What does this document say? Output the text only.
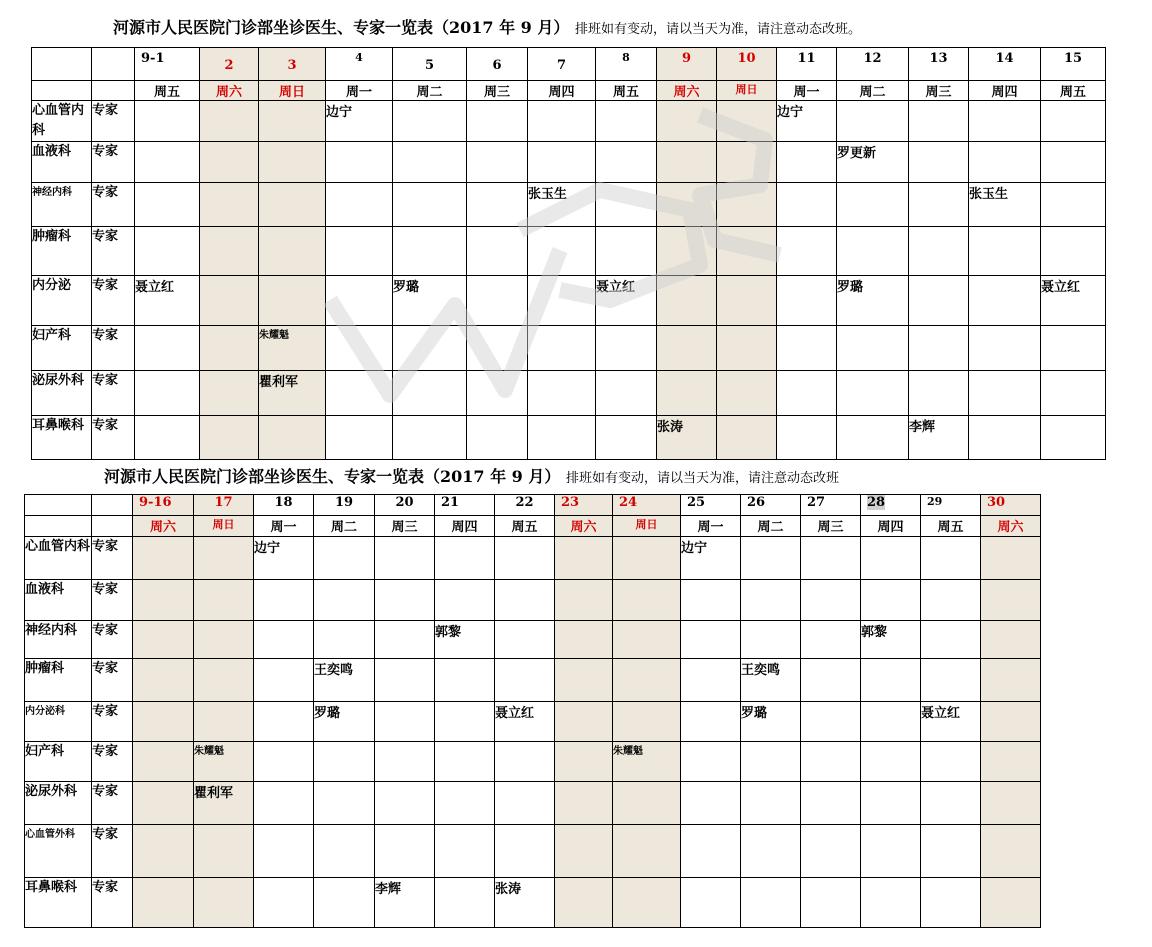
河源市人民医院门诊部坐诊医生、专家一览表（2017 年 9 月） 排班如有变动，请以当天为准，请注意动态改班。
		9-1	2	3	4	5	6	7	8	9	10	11	12	13	14	15
		周五	周六	周日	周一	周二	周三	周四	周五	周六	周日	周一	周二	周三	周四	周五
心血管内科	专家				边宁							边宁				
血液科	专家												罗更新			
神经内科	专家							张玉生							张玉生	
肿瘤科	专家															
内分泌	专家	聂立红				罗璐			聂立红				罗璐			聂立红
妇产科	专家			朱耀魁												
泌尿外科	专家			瞿利军												
耳鼻喉科	专家									张涛				李辉		
河源市人民医院门诊部坐诊医生、专家一览表（2017 年 9 月） 排班如有变动，请以当天为准，请注意动态改班
		9-16	17	18	19	20	21	22	23	24	25	26	27	28	29	30
		周六	周日	周一	周二	周三	周四	周五	周六	周日	周一	周二	周三	周四	周五	周六
心血管内科	专家			边宁							边宁					
血液科	专家															
神经内科	专家						郭黎							郭黎		
肿瘤科	专家				王奕鸣							王奕鸣				
内分泌科	专家				罗璐			聂立红				罗璐			聂立红	
妇产科	专家		朱耀魁							朱耀魁						
泌尿外科	专家		瞿利军													
心血管外科	专家															
耳鼻喉科	专家					李辉		张涛								
